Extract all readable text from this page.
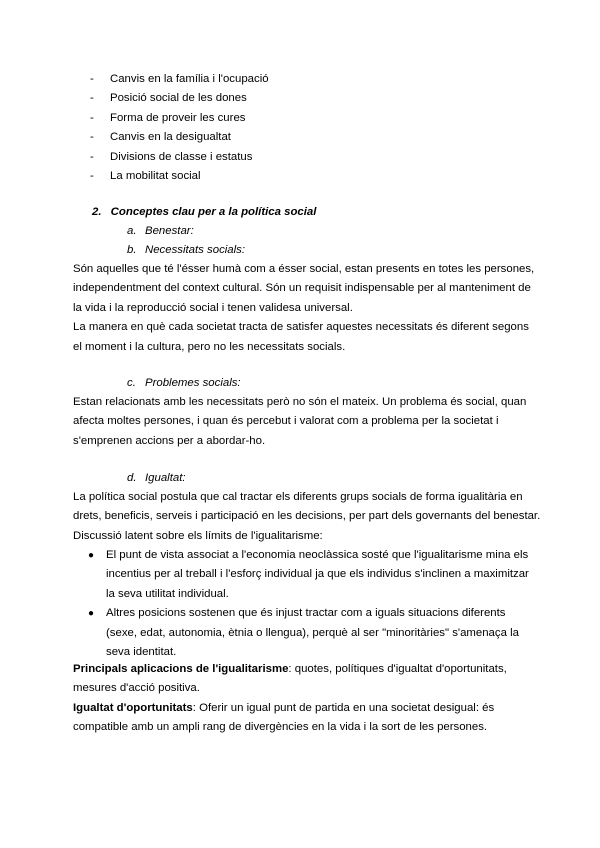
- Canvis en la família i l'ocupació
- Posició social de les dones
- Forma de proveir les cures
- Canvis en la desigualtat
- Divisions de classe i estatus
- La mobilitat social
2. Conceptes clau per a la política social
a. Benestar:
b. Necessitats socials:
Són aquelles que té l'ésser humà com a ésser social, estan presents en totes les persones,
independentment del context cultural. Són un requisit indispensable per al manteniment de
la vida i la reproducció social i tenen validesa universal.
La manera en què cada societat tracta de satisfer aquestes necessitats és diferent segons
el moment i la cultura, pero no les necessitats socials.
c. Problemes socials:
Estan relacionats amb les necessitats però no són el mateix. Un problema és social, quan
afecta moltes persones, i quan és percebut i valorat com a problema per la societat i
s'emprenen accions per a abordar-ho.
d. Igualtat:
La política social postula que cal tractar els diferents grups socials de forma igualitària en
drets, beneficis, serveis i participació en les decisions, per part dels governants del benestar.
Discussió latent sobre els límits de l'igualitarisme:
● El punt de vista associat a l'economia neoclàssica sosté que l'igualitarisme mina els
incentius per al treball i l'esforç individual ja que els individus s'inclinen a maximitzar
la seva utilitat individual.
● Altres posicions sostenen que és injust tractar com a iguals situacions diferents
(sexe, edat, autonomia, ètnia o llengua), perquè al ser "minoritàries" s'amenaça la
seva identitat.
Principals aplicacions de l'igualitarisme: quotes, polítiques d'igualtat d'oportunitats,
mesures d'acció positiva.
Igualtat d'oportunitats: Oferir un igual punt de partida en una societat desigual: és
compatible amb un ampli rang de divergències en la vida i la sort de les persones.
